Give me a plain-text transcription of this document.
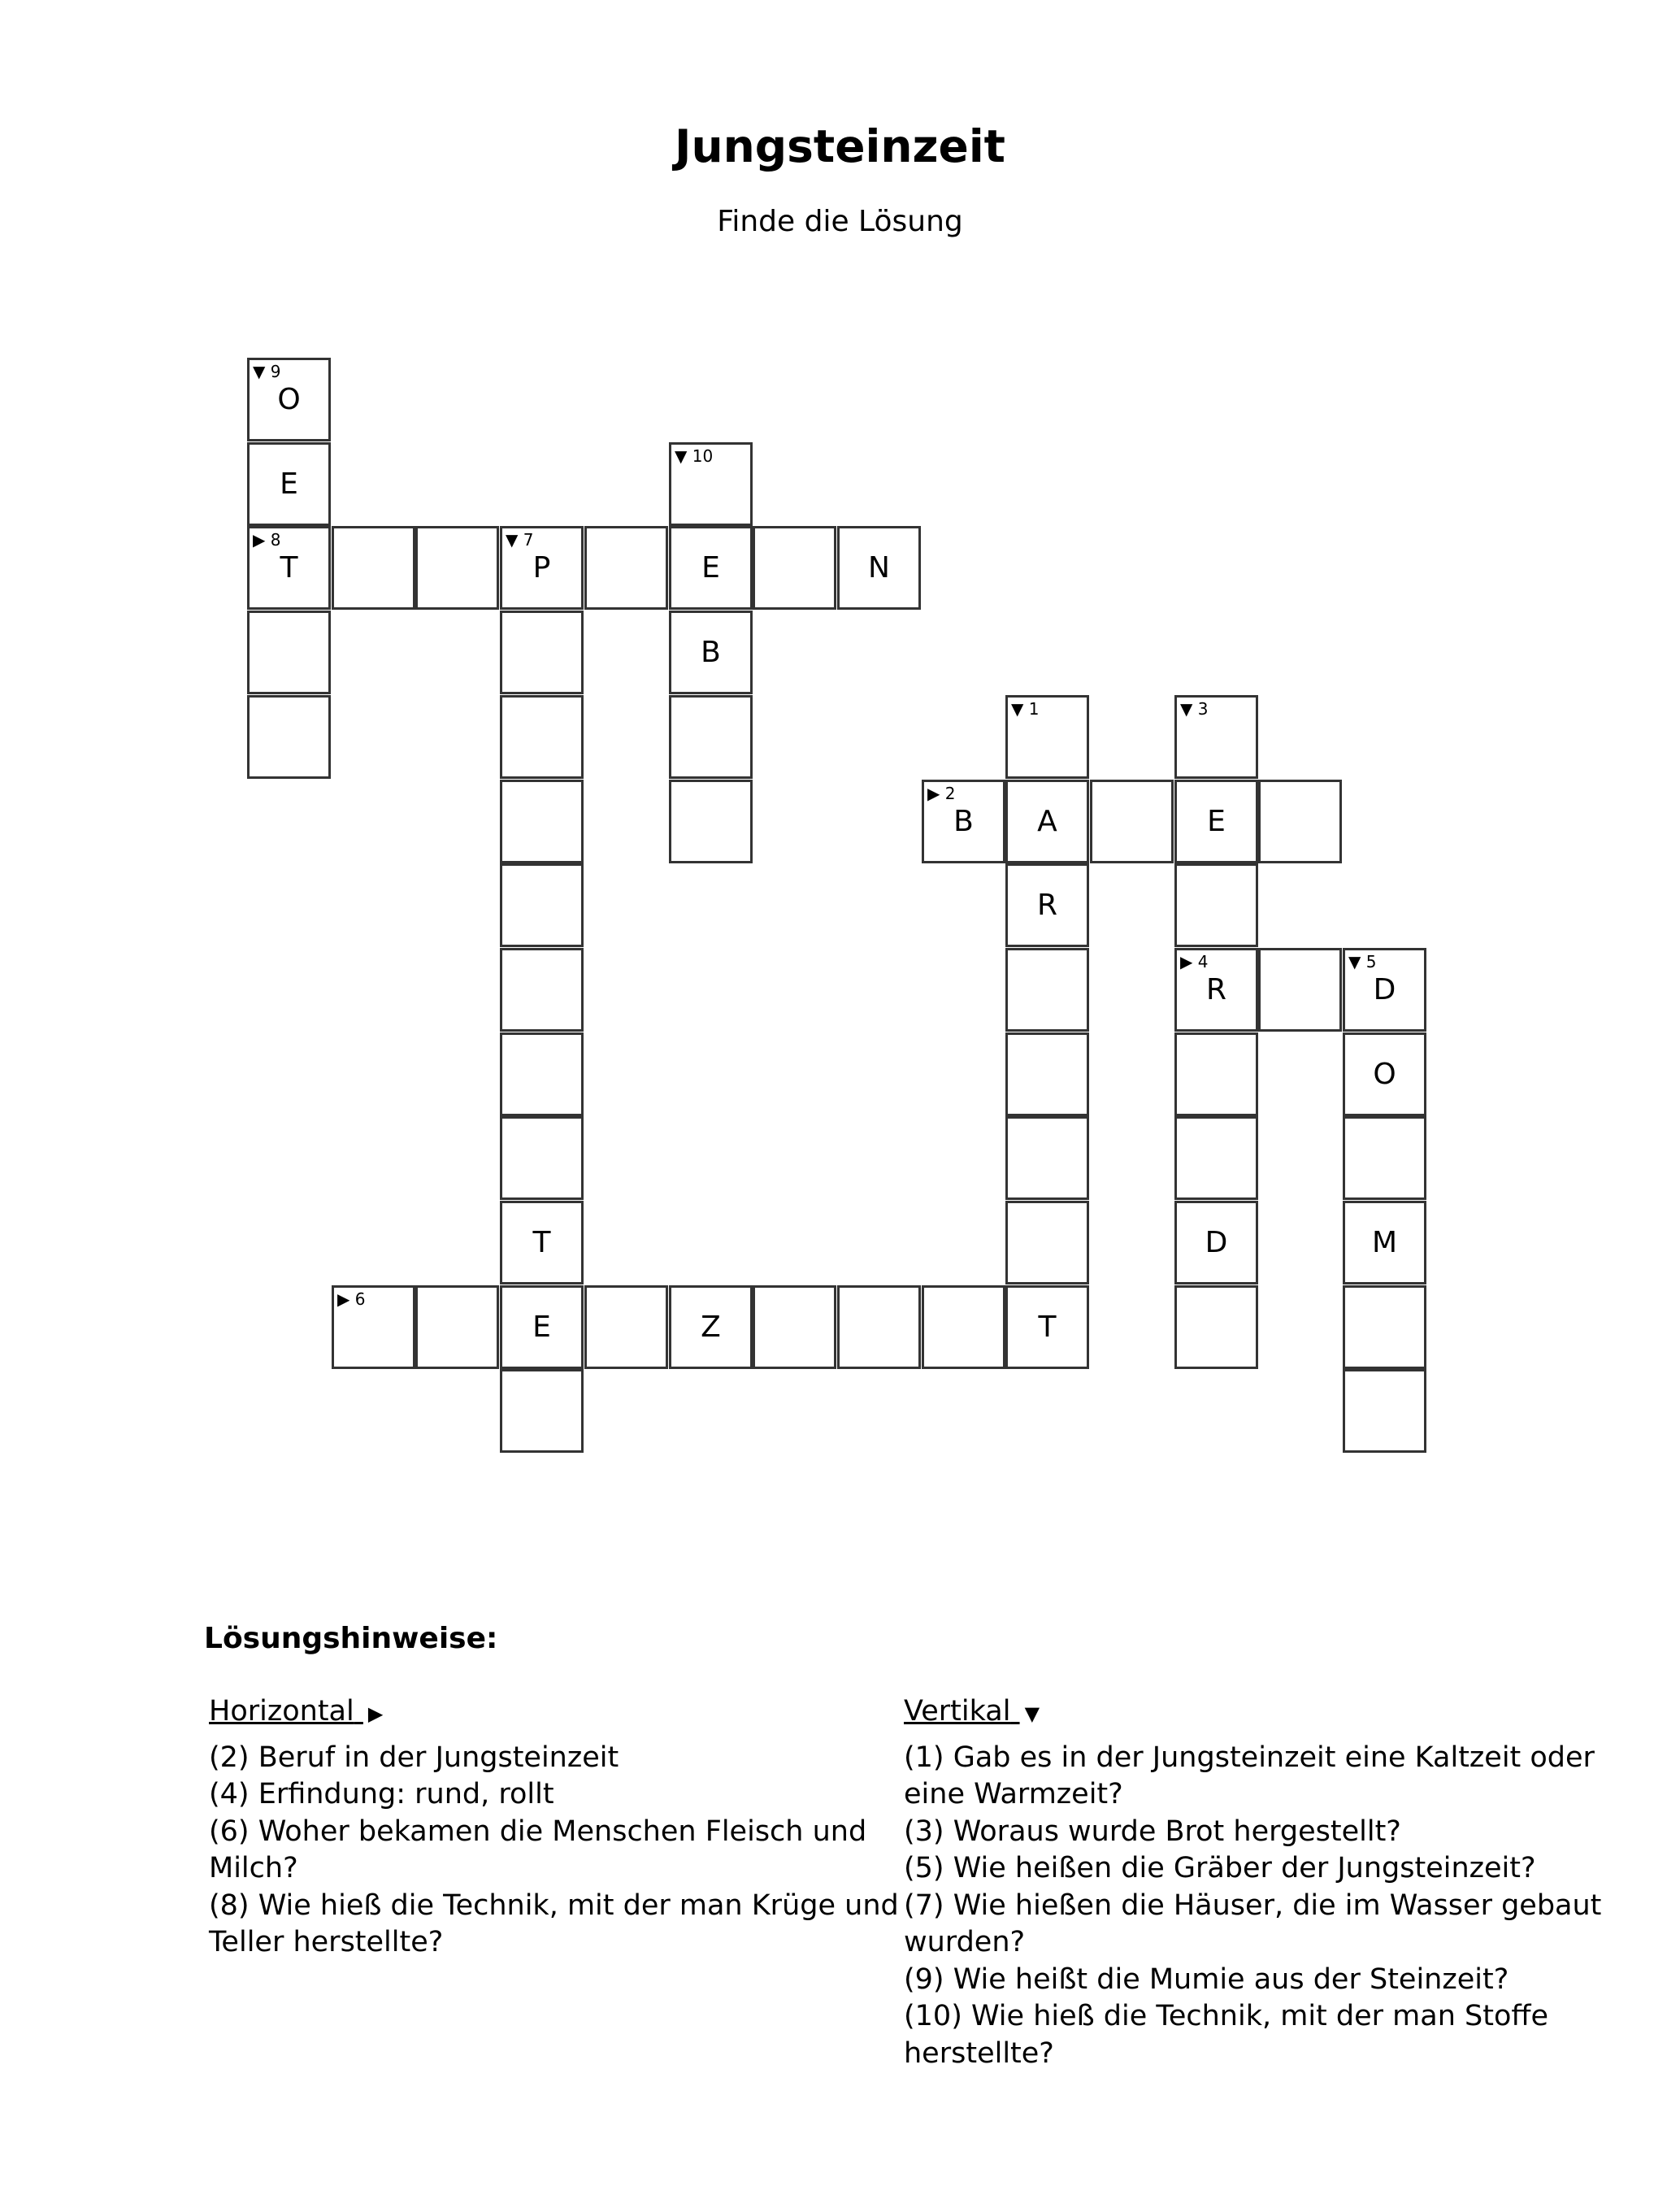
Jungsteinzeit
Finde die Lösung
▼ 9
O
E
▼ 10
▶ 8
T
▼ 7
P	E	N
B
▼ 1	▼ 3
▶ 2
B	A	E
R
▶ 4
R
▼ 5
D
O
T	D	M
▶ 6
E	Z	T
Lösungshinweise:
Horizontal ▶

(2) Beruf in der Jungsteinzeit

(4) Erfindung: rund, rollt

(6) Woher bekamen die Menschen Fleisch und Milch?

(8) Wie hieß die Technik, mit der man Krüge und Teller herstellte?

Vertikal ▼

(1) Gab es in der Jungsteinzeit eine Kaltzeit oder eine Warmzeit?

(3) Woraus wurde Brot hergestellt?

(5) Wie heißen die Gräber der Jungsteinzeit?

(7) Wie hießen die Häuser, die im Wasser gebaut wurden?

(9) Wie heißt die Mumie aus der Steinzeit?

(10) Wie hieß die Technik, mit der man Stoffe herstellte?
